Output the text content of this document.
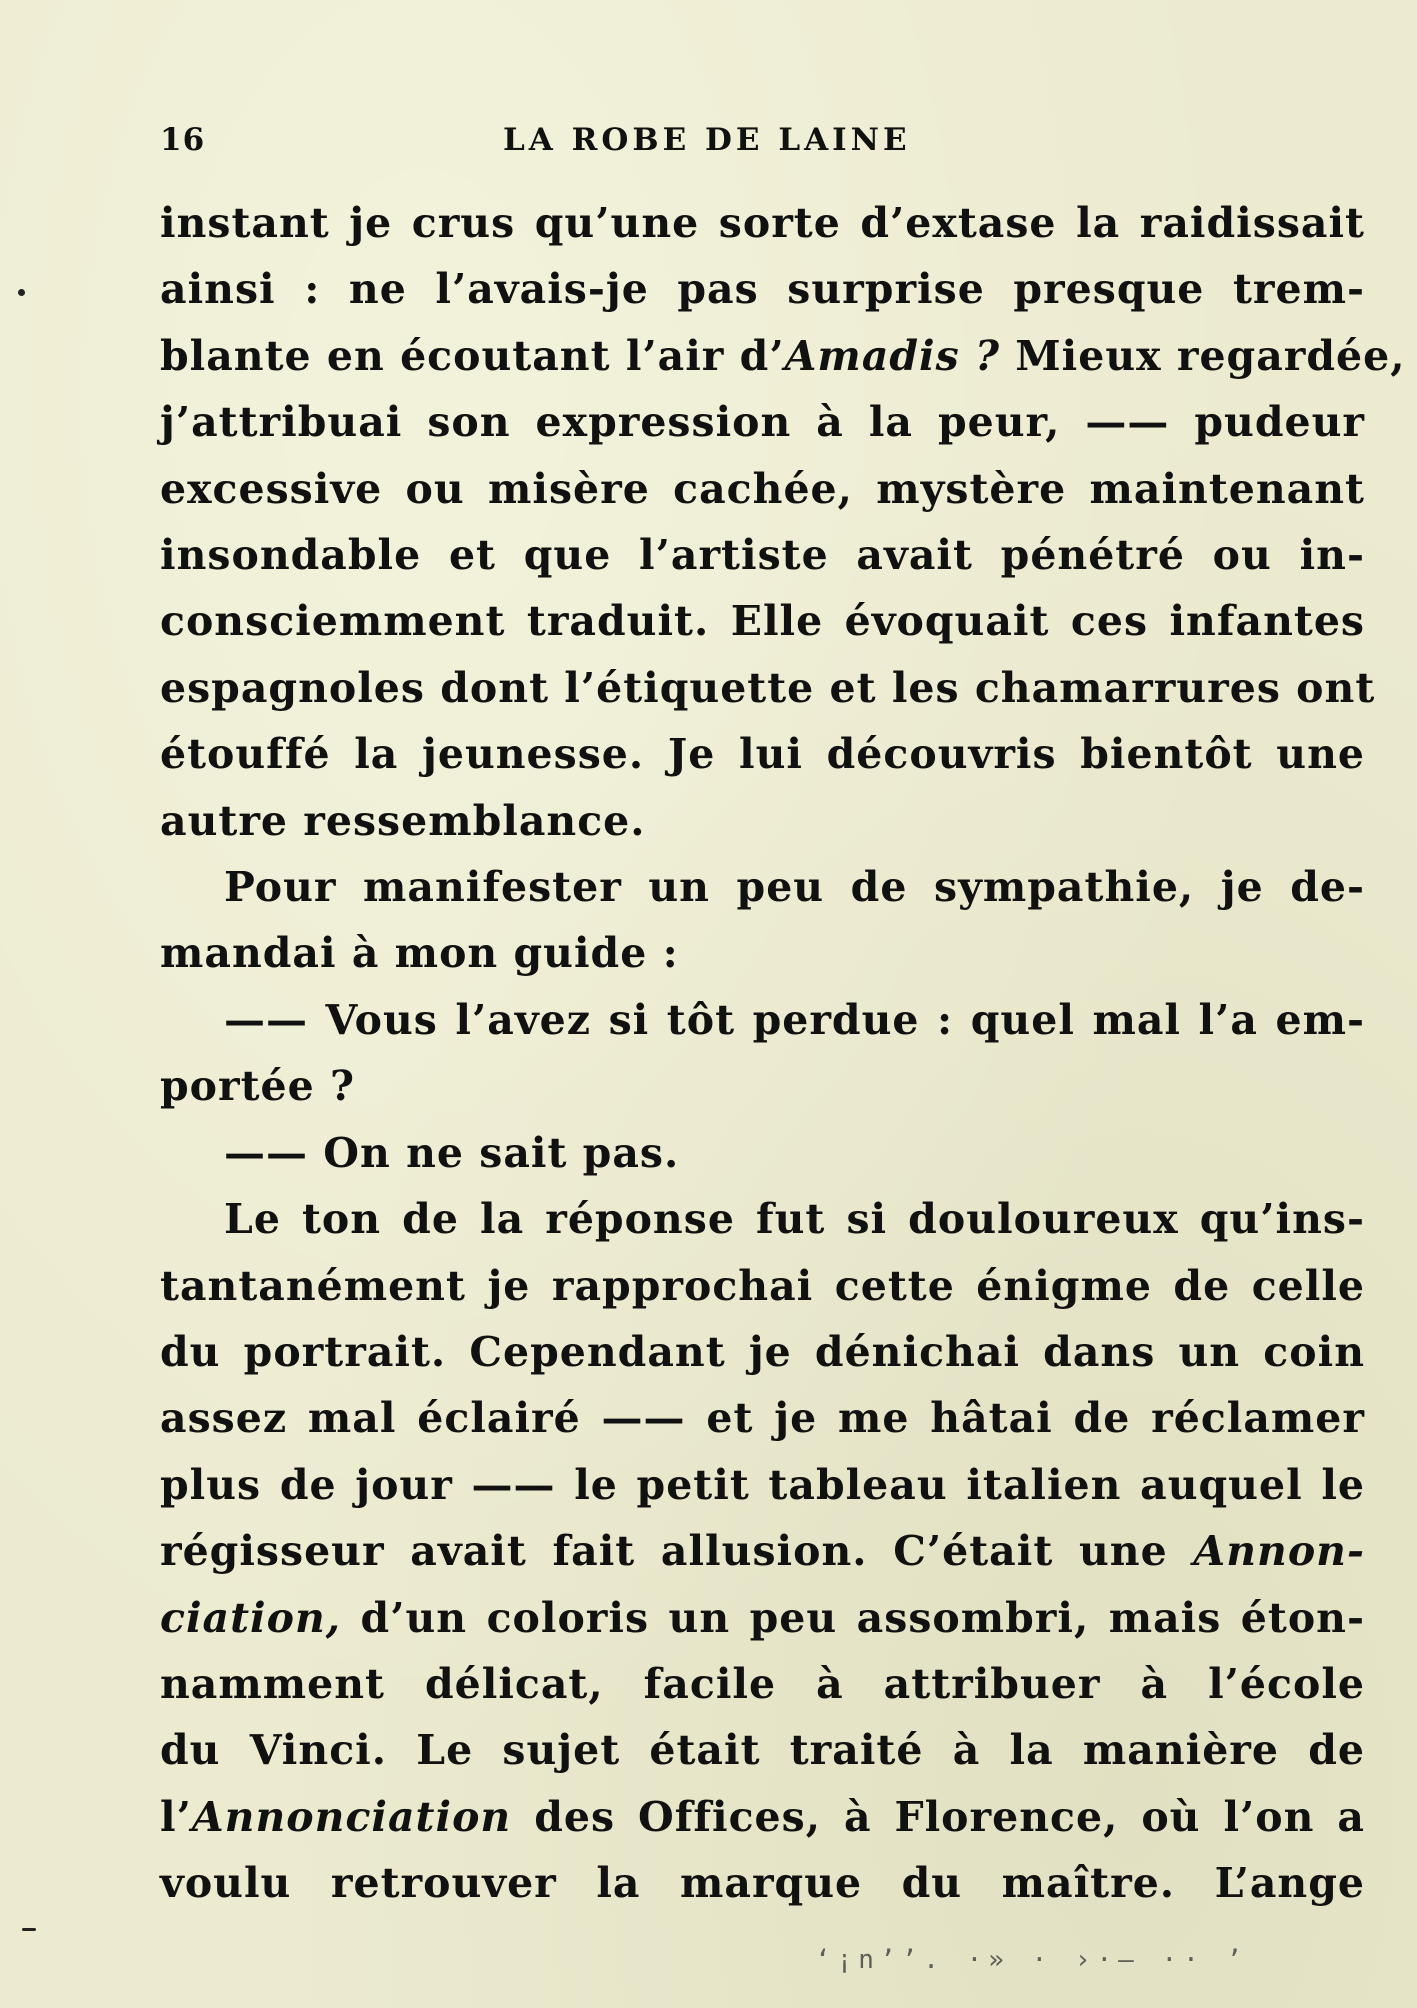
16	LA ROBE DE LAINE

instant je crus qu’une sorte d’extase la raidissait
ainsi : ne l’avais-je pas surprise presque trem-
blante en écoutant l’air d’Amadis ? Mieux regardée,
j’attribuai son expression à la peur, —— pudeur
excessive ou misère cachée, mystère maintenant
insondable et que l’artiste avait pénétré ou in-
consciemment traduit. Elle évoquait ces infantes
espagnoles dont l’étiquette et les chamarrures ont
étouffé la jeunesse. Je lui découvris bientôt une
autre ressemblance.

Pour manifester un peu de sympathie, je de-
mandai à mon guide :

—— Vous l’avez si tôt perdue : quel mal l’a em-
portée ?

—— On ne sait pas.

Le ton de la réponse fut si douloureux qu’ins-
tantanément je rapprochai cette énigme de celle
du portrait. Cependant je dénichai dans un coin
assez mal éclairé —— et je me hâtai de réclamer
plus de jour —— le petit tableau italien auquel le
régisseur avait fait allusion. C’était une Annon-
ciation, d’un coloris un peu assombri, mais éton-
namment délicat, facile à attribuer à l’école
du Vinci. Le sujet était traité à la manière de
l’Annonciation des Offices, à Florence, où l’on a
voulu retrouver la marque du maître. L’ange

‘¡n’’. ·» · ›·‒ ·· ’
